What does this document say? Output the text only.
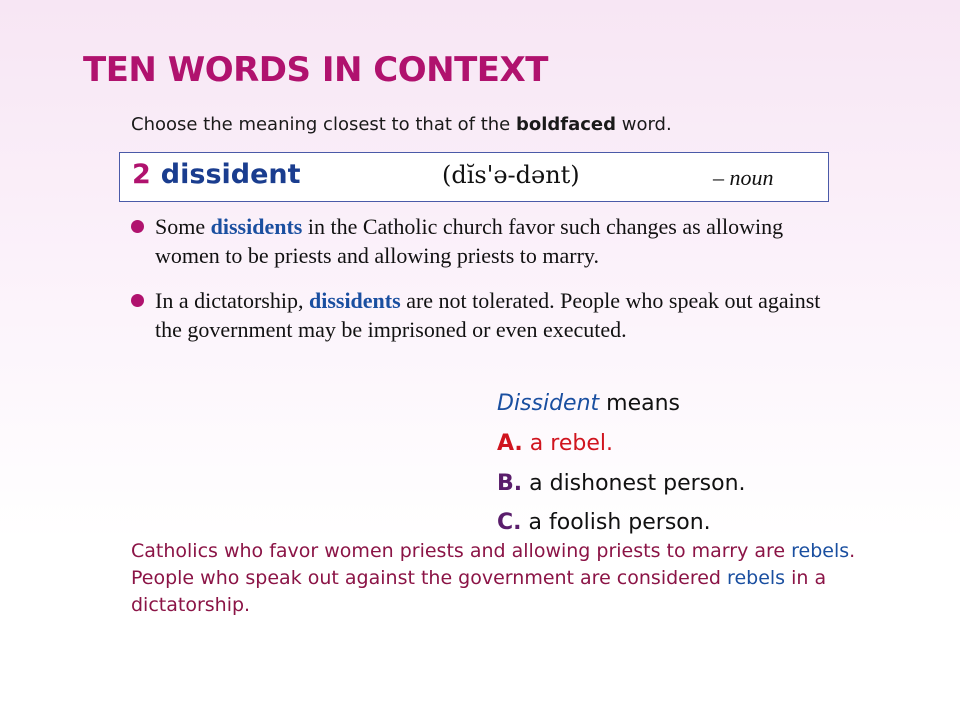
TEN WORDS IN CONTEXT
Choose the meaning closest to that of the boldfaced word.
2 dissident	(dĭs'ə-dənt)	– noun
Some dissidents in the Catholic church favor such changes as allowing women to be priests and allowing priests to marry.
In a dictatorship, dissidents are not tolerated. People who speak out against the government may be imprisoned or even executed.
Dissident means
A. a rebel.
B. a dishonest person.
C. a foolish person.
Catholics who favor women priests and allowing priests to marry are rebels. People who speak out against the government are considered rebels in a dictatorship.
